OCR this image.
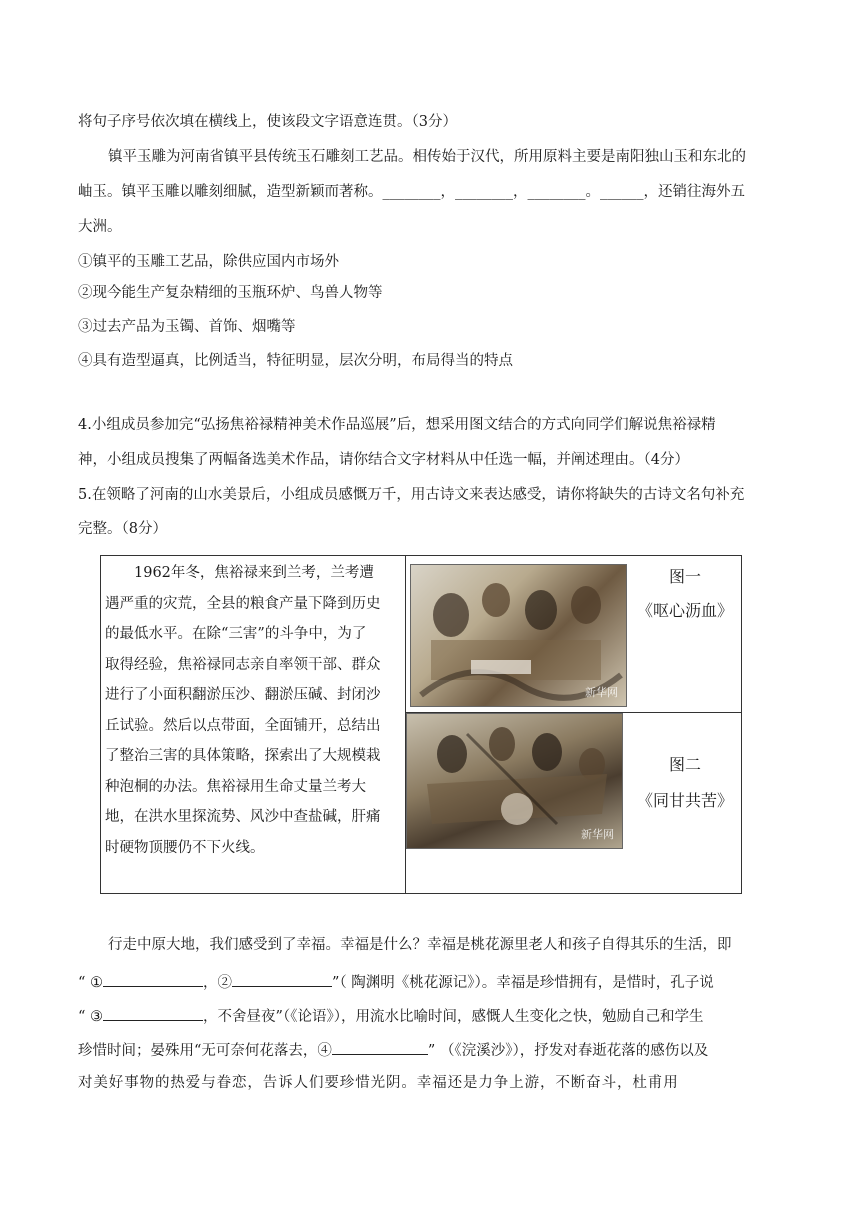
将句子序号依次填在横线上，使该段文字语意连贯。（3分）
镇平玉雕为河南省镇平县传统玉石雕刻工艺品。相传始于汉代，所用原料主要是南阳独山玉和东北的
岫玉。镇平玉雕以雕刻细腻，造型新颖而著称。________，________，________。______，还销往海外五
大洲。
①镇平的玉雕工艺品，除供应国内市场外
②现今能生产复杂精细的玉瓶环炉、鸟兽人物等
③过去产品为玉镯、首饰、烟嘴等
④具有造型逼真，比例适当，特征明显，层次分明，布局得当的特点
4.小组成员参加完“弘扬焦裕禄精神美术作品巡展”后，想采用图文结合的方式向同学们解说焦裕禄精
神，小组成员搜集了两幅备选美术作品，请你结合文字材料从中任选一幅，并阐述理由。（4分）
5.在领略了河南的山水美景后，小组成员感慨万千，用古诗文来表达感受，请你将缺失的古诗文名句补充
完整。（8分）
1962年冬，焦裕禄来到兰考，兰考遭
遇严重的灾荒，全县的粮食产量下降到历史
的最低水平。在除“三害”的斗争中，为了
取得经验，焦裕禄同志亲自率领干部、群众
进行了小面积翻淤压沙、翻淤压碱、封闭沙
丘试验。然后以点带面，全面铺开，总结出
了整治三害的具体策略，探索出了大规模栽
种泡桐的办法。焦裕禄用生命丈量兰考大
地，在洪水里探流势、风沙中查盐碱，肝痛
时硬物顶腰仍不下火线。
新华网
图一
《呕心沥血》
新华网
图二
《同甘共苦》
行走中原大地，我们感受到了幸福。幸福是什么？幸福是桃花源里老人和孩子自得其乐的生活，即
“ ①	，②	”（ 陶渊明《桃花源记》）。幸福是珍惜拥有，是惜时，孔子说
“ ③	，不舍昼夜”（《论语》），用流水比喻时间，感慨人生变化之快，勉励自己和学生
珍惜时间；晏殊用“无可奈何花落去，④	” （《浣溪沙》），抒发对春逝花落的感伤以及
对美好事物的热爱与眷恋，告诉人们要珍惜光阴。幸福还是力争上游，不断奋斗，杜甫用
